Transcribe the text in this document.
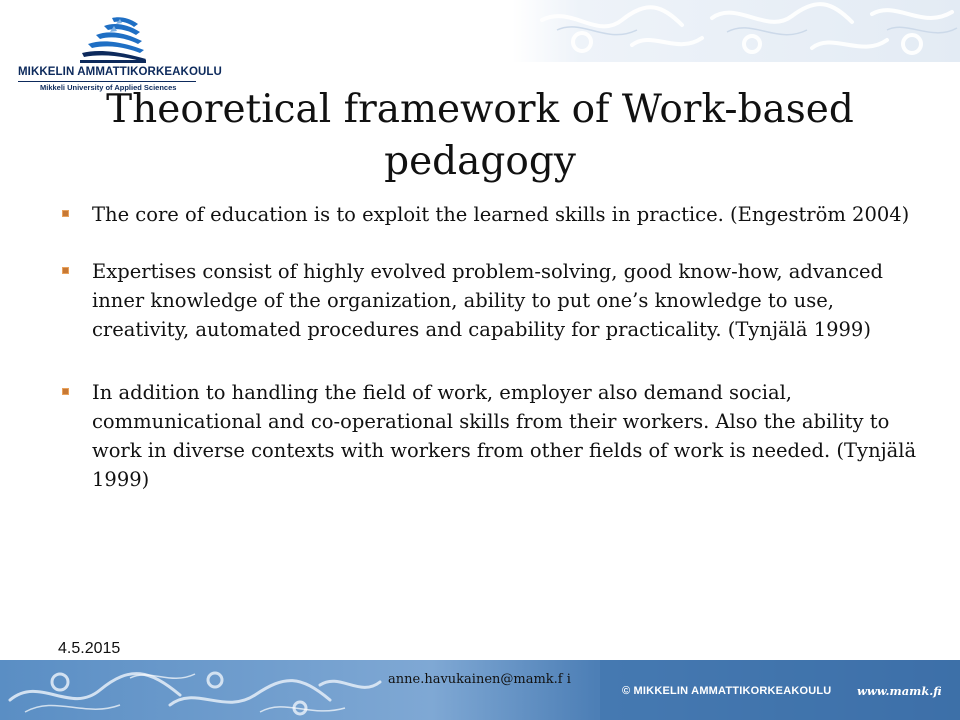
MIKKELIN AMMATTIKORKEAKOULU
Mikkeli University of Applied Sciences
Theoretical framework of Work-based pedagogy
The core of education is to exploit the learned skills in practice. (Engeström 2004)
Expertises consist of highly evolved problem-solving, good know-how, advanced inner knowledge of the organization, ability to put one’s knowledge to use, creativity, automated procedures and capability for practicality. (Tynjälä 1999)
In addition to handling the field of work, employer also demand social, communicational and co-operational skills from their workers. Also the ability to work in diverse contexts with workers from other fields of work is needed. (Tynjälä 1999)
4.5.2015
anne.havukainen@mamk.f i
© MIKKELIN AMMATTIKORKEAKOULU www.mamk.fi
